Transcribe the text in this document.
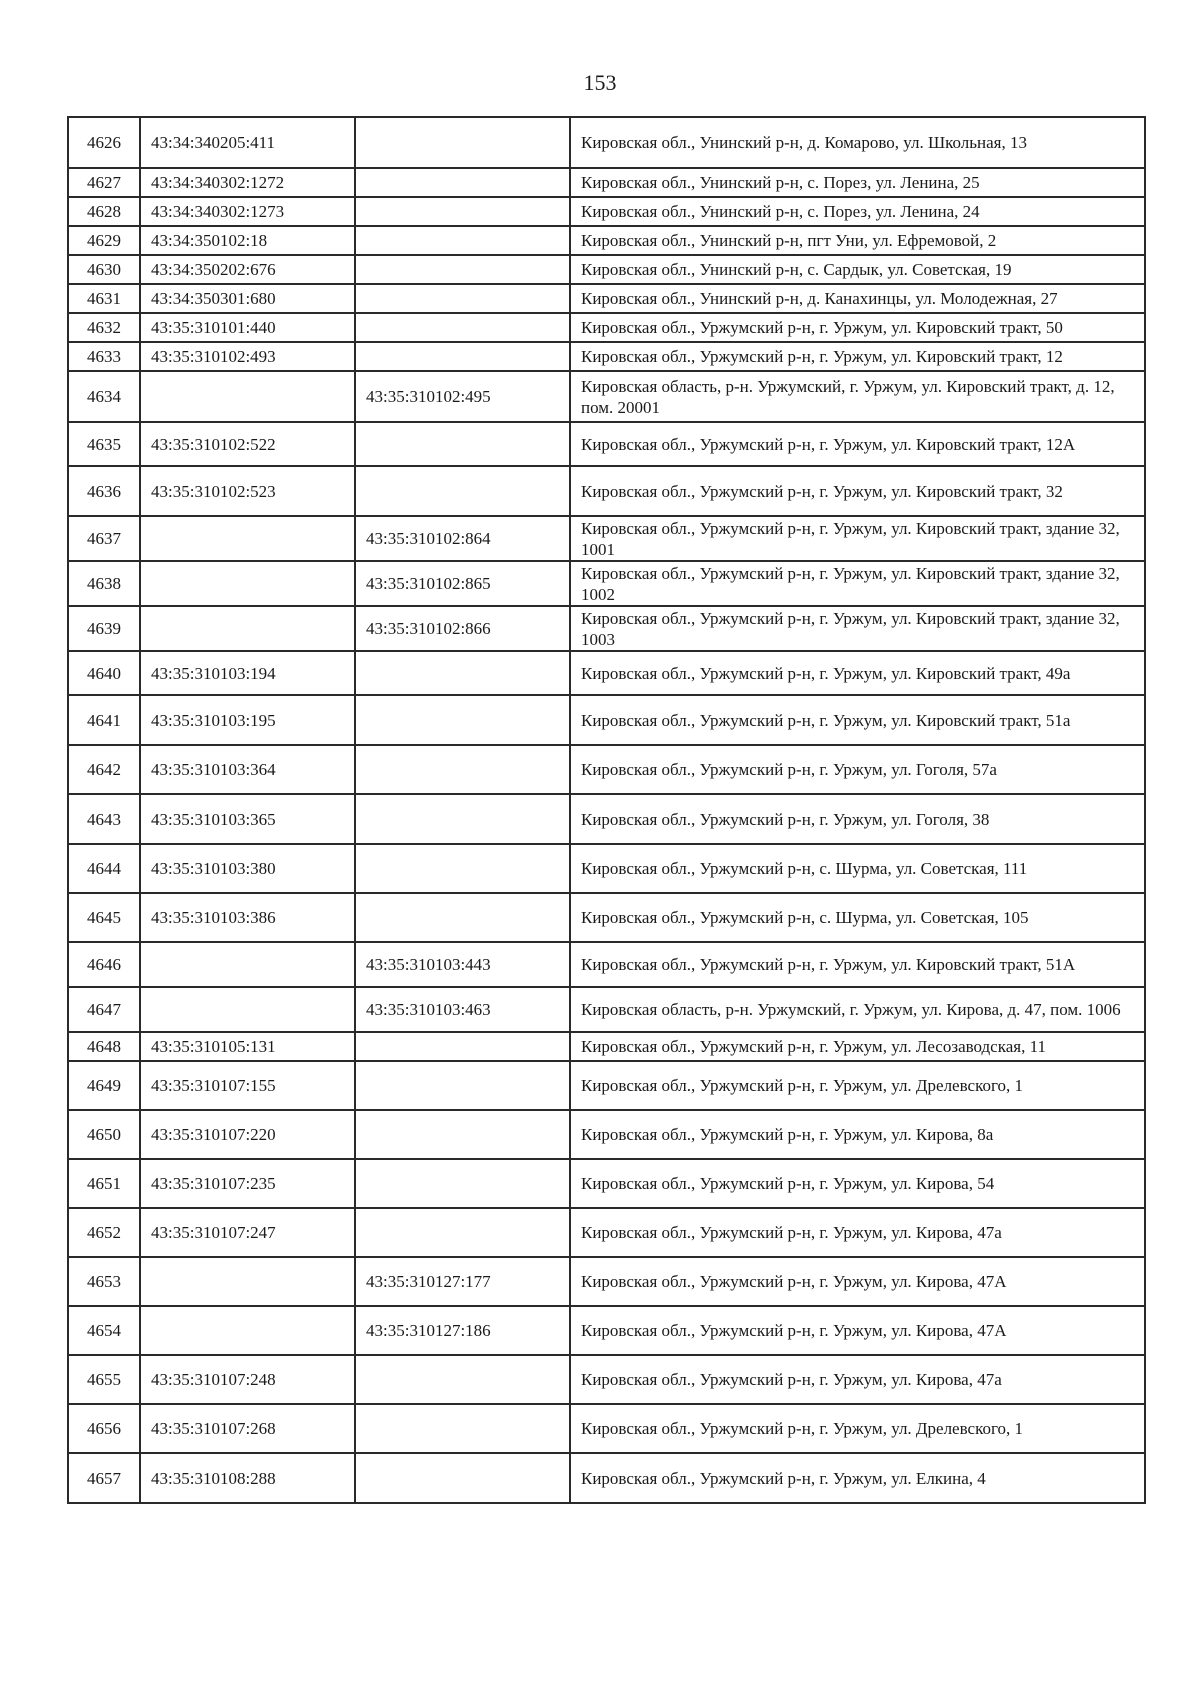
153
4626	43:34:340205:411		Кировская обл., Унинский р-н, д. Комарово, ул. Школьная, 13
4627	43:34:340302:1272		Кировская обл., Унинский р-н, с. Порез, ул. Ленина, 25
4628	43:34:340302:1273		Кировская обл., Унинский р-н, с. Порез, ул. Ленина, 24
4629	43:34:350102:18		Кировская обл., Унинский р-н, пгт Уни, ул. Ефремовой, 2
4630	43:34:350202:676		Кировская обл., Унинский р-н, с. Сардык, ул. Советская, 19
4631	43:34:350301:680		Кировская обл., Унинский р-н, д. Канахинцы, ул. Молодежная, 27
4632	43:35:310101:440		Кировская обл., Уржумский р-н, г. Уржум, ул. Кировский тракт, 50
4633	43:35:310102:493		Кировская обл., Уржумский р-н, г. Уржум, ул. Кировский тракт, 12
4634		43:35:310102:495	Кировская область, р-н. Уржумский, г. Уржум, ул. Кировский тракт, д. 12, пом. 20001
4635	43:35:310102:522		Кировская обл., Уржумский р-н, г. Уржум, ул. Кировский тракт, 12А
4636	43:35:310102:523		Кировская обл., Уржумский р-н, г. Уржум, ул. Кировский тракт, 32
4637		43:35:310102:864	Кировская обл., Уржумский р-н, г. Уржум, ул. Кировский тракт, здание 32, 1001
4638		43:35:310102:865	Кировская обл., Уржумский р-н, г. Уржум, ул. Кировский тракт, здание 32, 1002
4639		43:35:310102:866	Кировская обл., Уржумский р-н, г. Уржум, ул. Кировский тракт, здание 32, 1003
4640	43:35:310103:194		Кировская обл., Уржумский р-н, г. Уржум, ул. Кировский тракт, 49а
4641	43:35:310103:195		Кировская обл., Уржумский р-н, г. Уржум, ул. Кировский тракт, 51а
4642	43:35:310103:364		Кировская обл., Уржумский р-н, г. Уржум, ул. Гоголя, 57а
4643	43:35:310103:365		Кировская обл., Уржумский р-н, г. Уржум, ул. Гоголя, 38
4644	43:35:310103:380		Кировская обл., Уржумский р-н, с. Шурма, ул. Советская, 111
4645	43:35:310103:386		Кировская обл., Уржумский р-н, с. Шурма, ул. Советская, 105
4646		43:35:310103:443	Кировская обл., Уржумский р-н, г. Уржум, ул. Кировский тракт, 51А
4647		43:35:310103:463	Кировская область, р-н. Уржумский, г. Уржум, ул. Кирова, д. 47, пом. 1006
4648	43:35:310105:131		Кировская обл., Уржумский р-н, г. Уржум, ул. Лесозаводская, 11
4649	43:35:310107:155		Кировская обл., Уржумский р-н, г. Уржум, ул. Дрелевского, 1
4650	43:35:310107:220		Кировская обл., Уржумский р-н, г. Уржум, ул. Кирова, 8а
4651	43:35:310107:235		Кировская обл., Уржумский р-н, г. Уржум, ул. Кирова, 54
4652	43:35:310107:247		Кировская обл., Уржумский р-н, г. Уржум, ул. Кирова, 47а
4653		43:35:310127:177	Кировская обл., Уржумский р-н, г. Уржум, ул. Кирова, 47А
4654		43:35:310127:186	Кировская обл., Уржумский р-н, г. Уржум, ул. Кирова, 47А
4655	43:35:310107:248		Кировская обл., Уржумский р-н, г. Уржум, ул. Кирова, 47а
4656	43:35:310107:268		Кировская обл., Уржумский р-н, г. Уржум, ул. Дрелевского, 1
4657	43:35:310108:288		Кировская обл., Уржумский р-н, г. Уржум, ул. Елкина, 4
